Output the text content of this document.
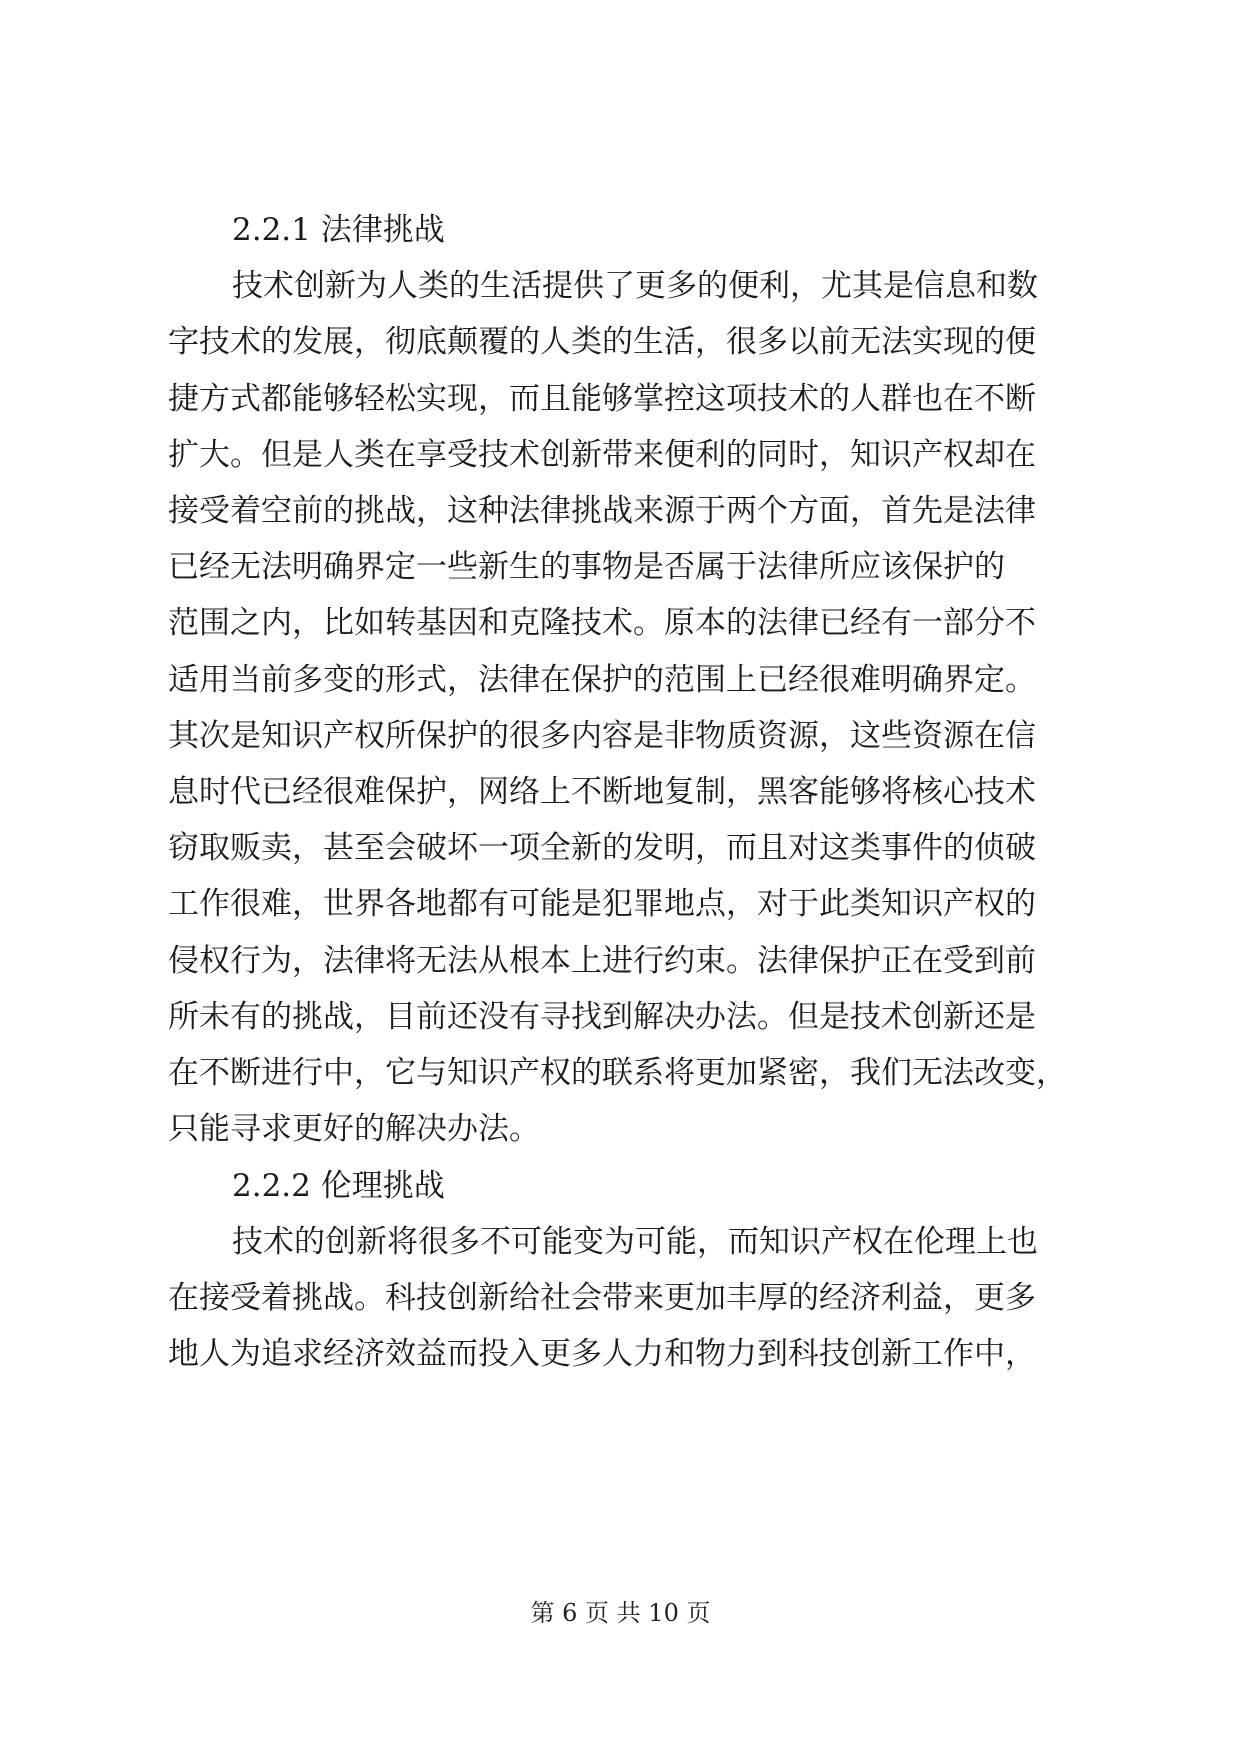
2.2.1 法律挑战
技术创新为人类的生活提供了更多的便利，尤其是信息和数
字技术的发展，彻底颠覆的人类的生活，很多以前无法实现的便
捷方式都能够轻松实现，而且能够掌控这项技术的人群也在不断
扩大。但是人类在享受技术创新带来便利的同时，知识产权却在
接受着空前的挑战，这种法律挑战来源于两个方面，首先是法律
已经无法明确界定一些新生的事物是否属于法律所应该保护的
范围之内，比如转基因和克隆技术。原本的法律已经有一部分不
适用当前多变的形式，法律在保护的范围上已经很难明确界定。
其次是知识产权所保护的很多内容是非物质资源，这些资源在信
息时代已经很难保护，网络上不断地复制，黑客能够将核心技术
窃取贩卖，甚至会破坏一项全新的发明，而且对这类事件的侦破
工作很难，世界各地都有可能是犯罪地点，对于此类知识产权的
侵权行为，法律将无法从根本上进行约束。法律保护正在受到前
所未有的挑战，目前还没有寻找到解决办法。但是技术创新还是
在不断进行中，它与知识产权的联系将更加紧密，我们无法改变，
只能寻求更好的解决办法。
2.2.2 伦理挑战
技术的创新将很多不可能变为可能，而知识产权在伦理上也
在接受着挑战。科技创新给社会带来更加丰厚的经济利益，更多
地人为追求经济效益而投入更多人力和物力到科技创新工作中，
第 6 页 共 10 页
